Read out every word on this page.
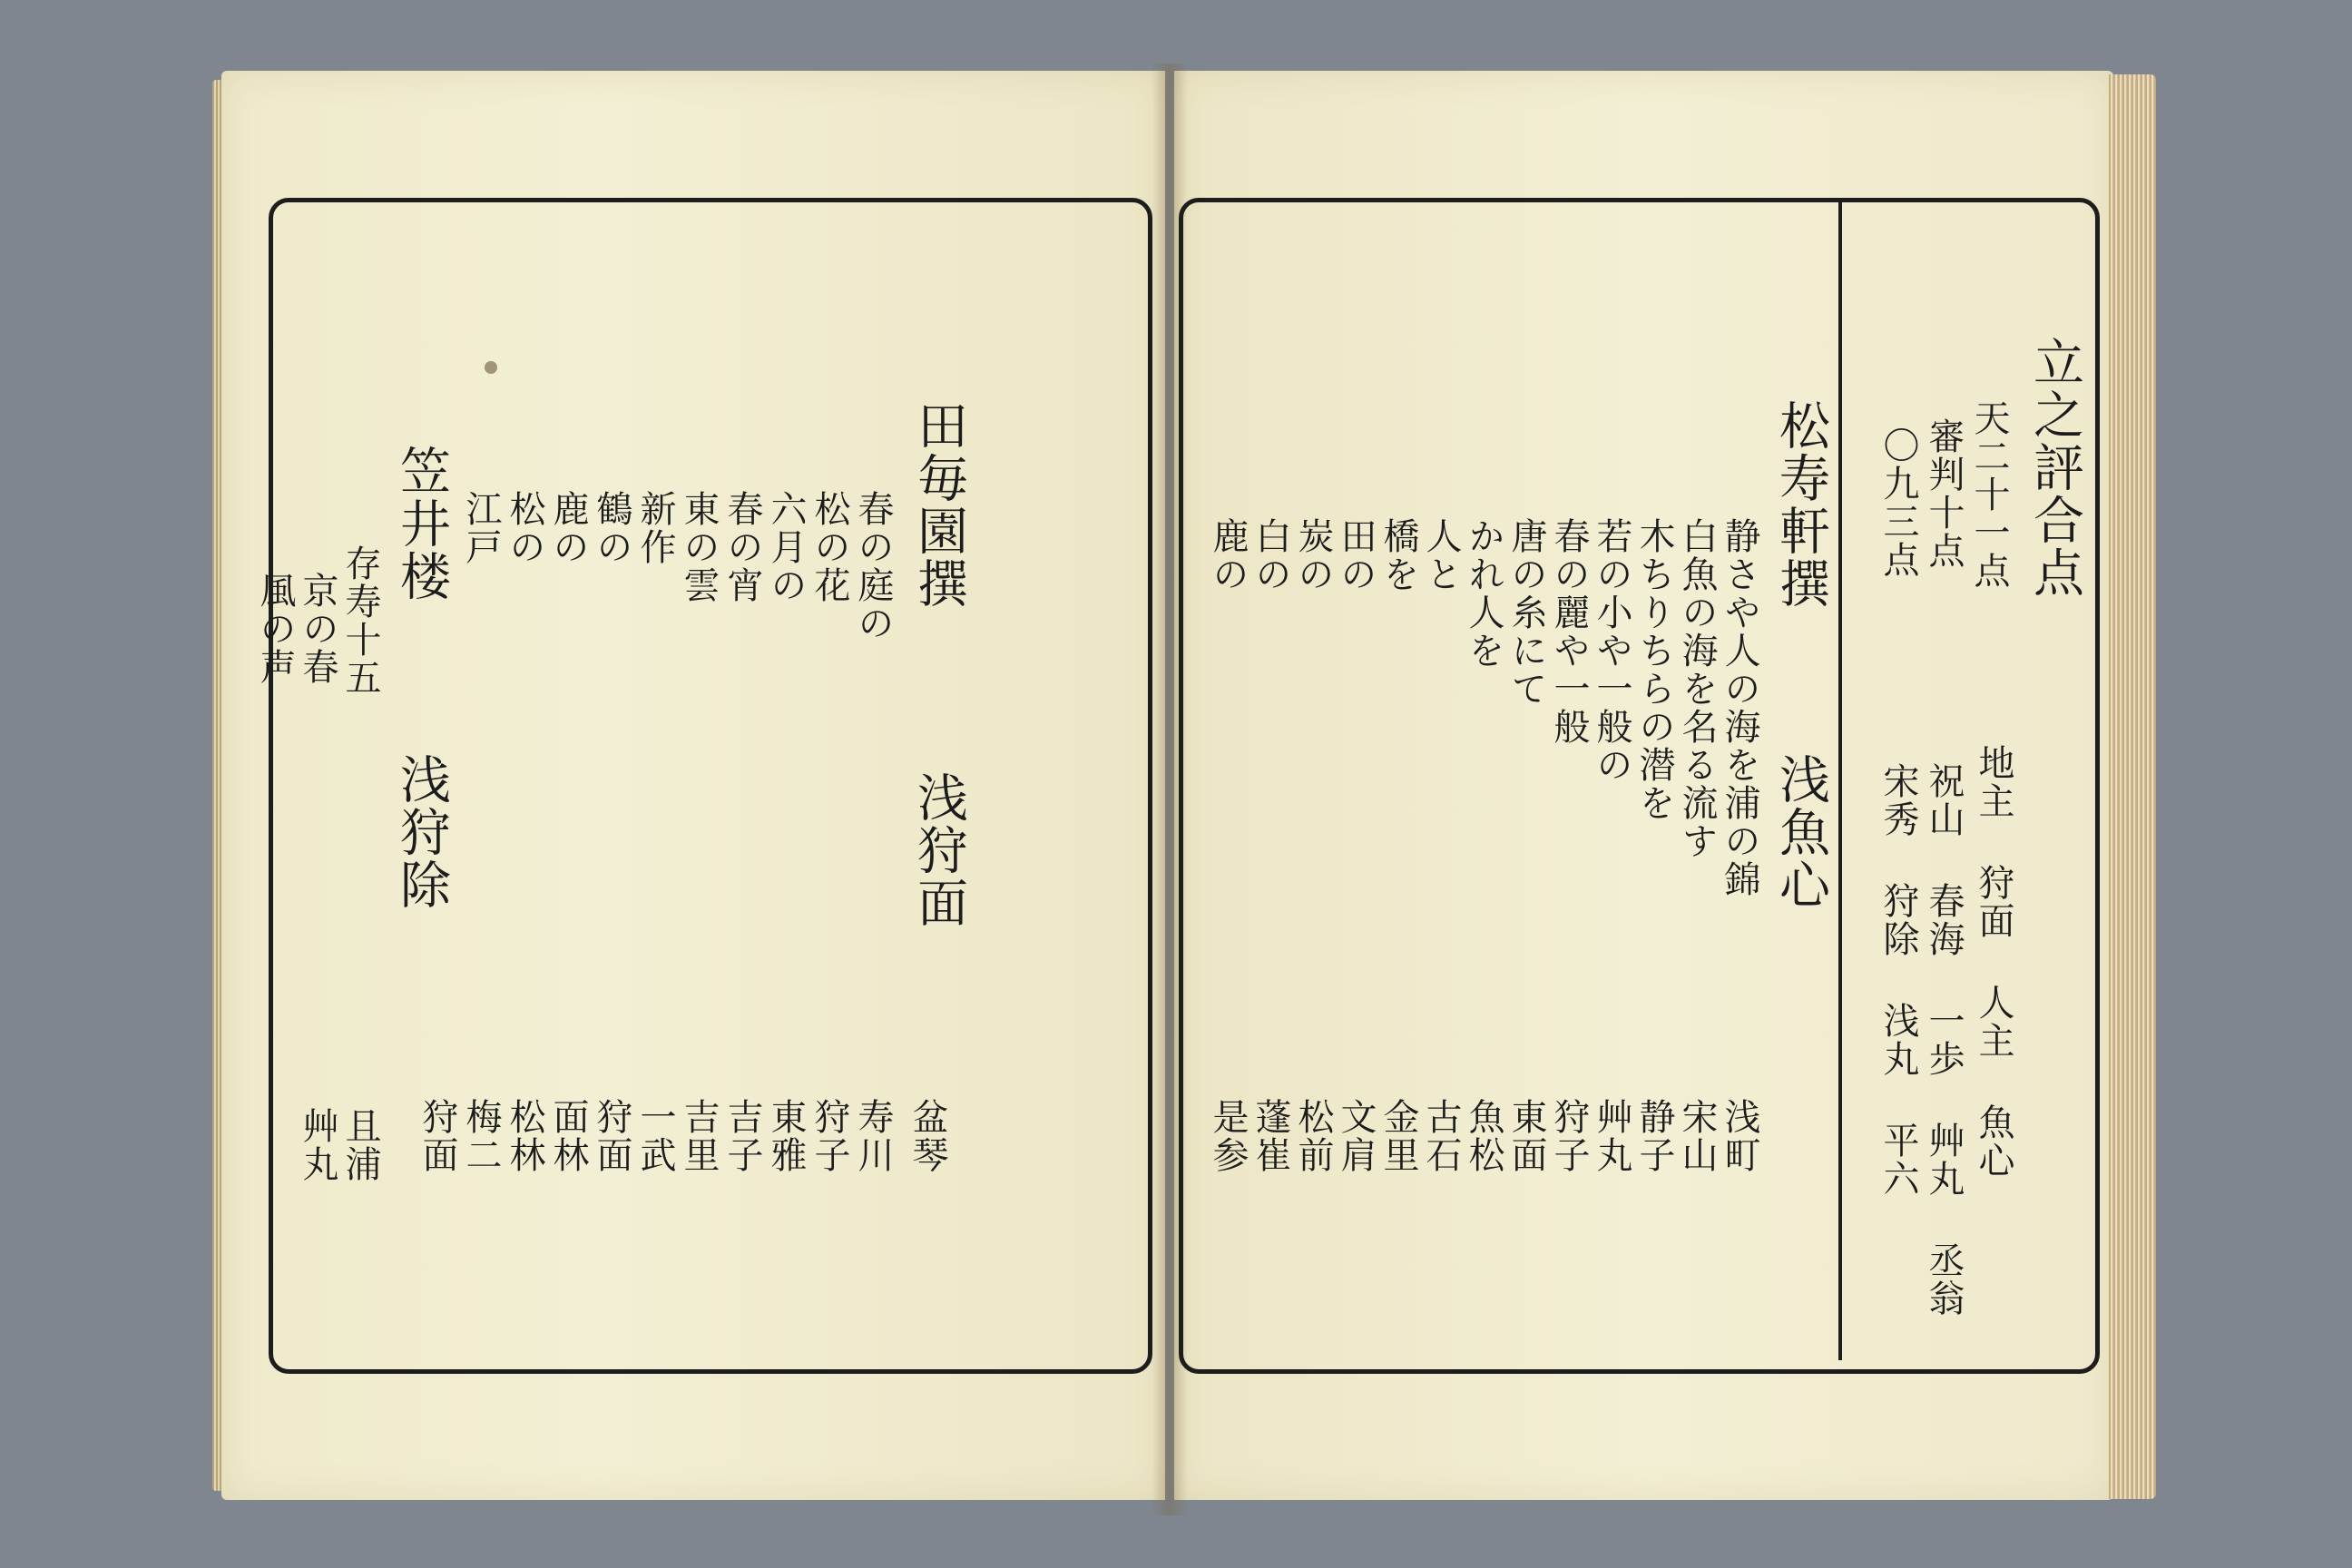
立之評合点
天二十一点
審判十点
〇九三点
地主 狩面 人主 魚心
祝山 春海 一歩 艸丸 丞翁
宋秀 狩除 浅丸 平六
松寿軒撰
浅魚心
静さや人の海を浦の錦
白魚の海を名る流す
木ちりちらの潜を
若の小や一般の
春の麗や一般
唐の糸にて
かれ人を
人と
橋を
田の
炭の
白の
鹿の
浅町
宋山
静子
艸丸
狩子
東面
魚松
古石
金里
文肩
松前
蓬崔
是参
田毎園撰
浅狩面
春の庭の
松の花
六月の
春の宵
東の雲
新作
鶴の
鹿の
松の
江戸
盆琴
寿川
狩子
東雅
吉子
吉里
一武
狩面
面林
松林
梅二
狩面
笠井楼
浅狩除
存寿十五
京の春
風の声
且浦
艸丸
